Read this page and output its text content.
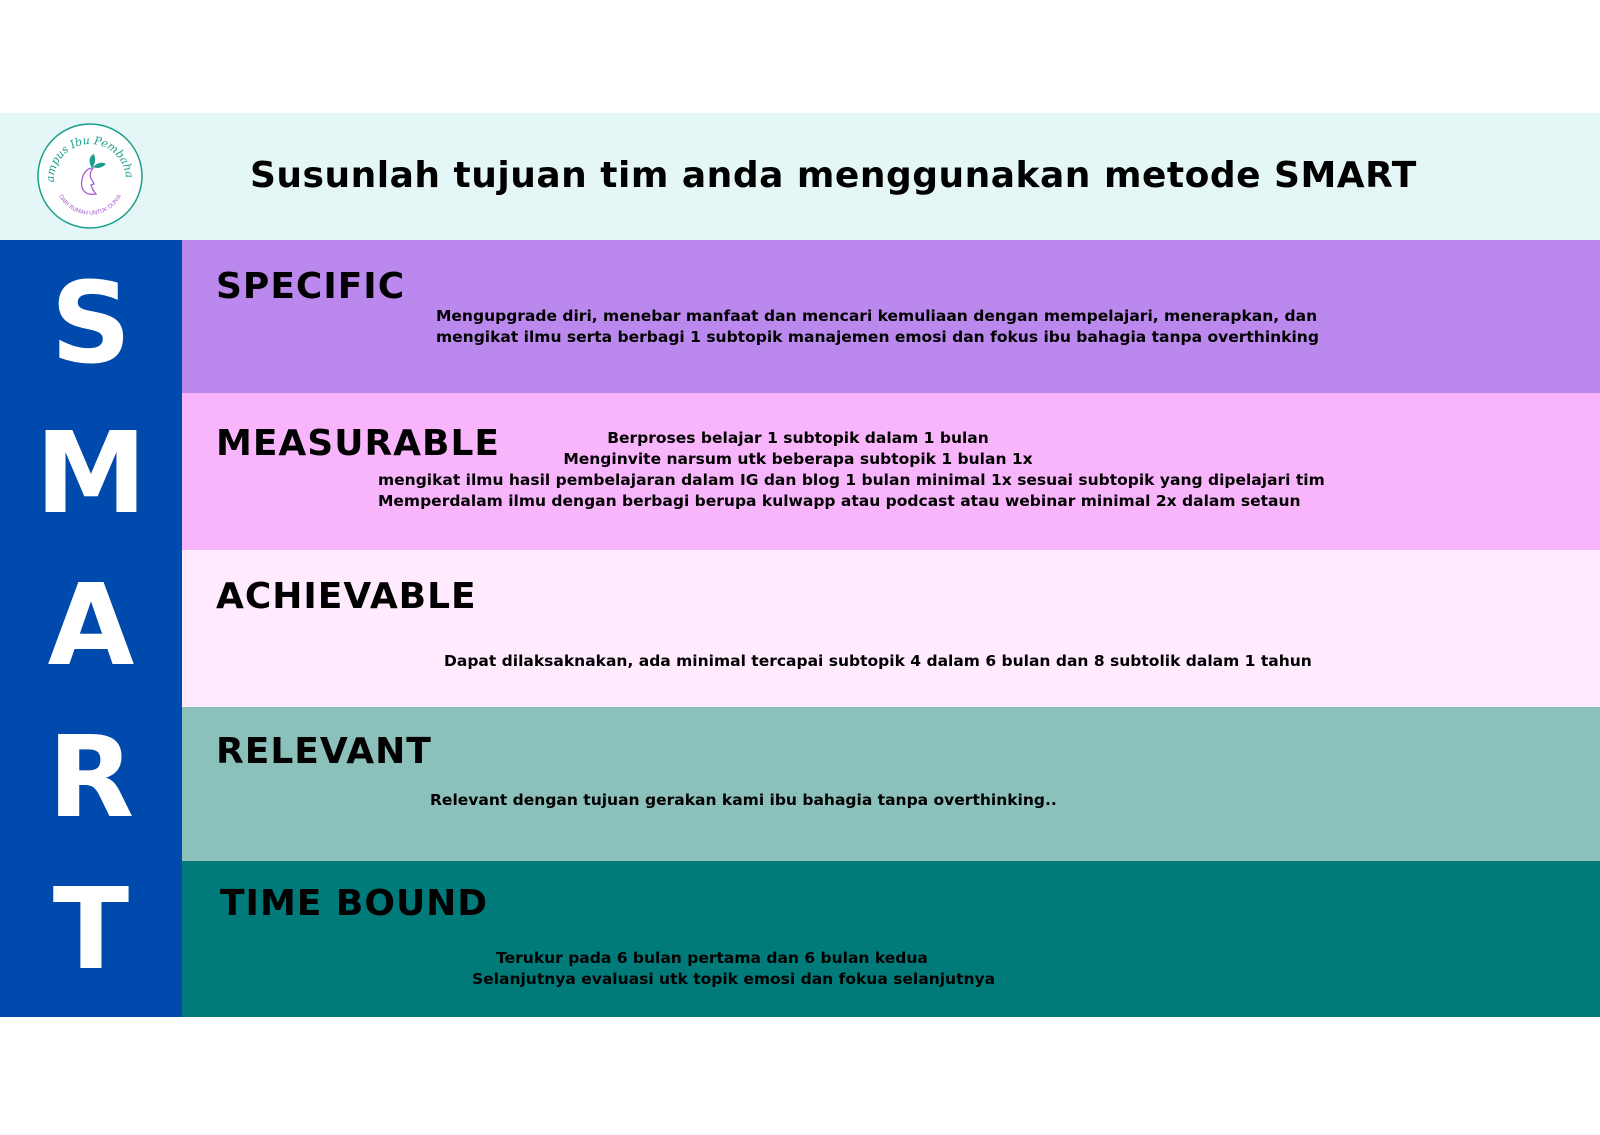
ampus Ibu Pembaha
DARI RUMAH UNTUK DUNIA
Susunlah tujuan tim anda menggunakan metode SMART
S
M
A
R
T
SPECIFIC
Mengupgrade diri, menebar manfaat dan mencari kemuliaan dengan mempelajari, menerapkan, dan
mengikat ilmu serta berbagi 1 subtopik manajemen emosi dan fokus ibu bahagia tanpa overthinking
MEASURABLE	Berproses belajar 1 subtopik dalam 1 bulan
Menginvite narsum utk beberapa subtopik 1 bulan 1x
mengikat ilmu hasil pembelajaran dalam IG dan blog 1 bulan minimal 1x sesuai subtopik yang dipelajari tim
Memperdalam ilmu dengan berbagi berupa kulwapp atau podcast atau webinar minimal 2x dalam setaun
ACHIEVABLE
Dapat dilaksaknakan, ada minimal tercapai subtopik 4 dalam 6 bulan dan 8 subtolik dalam 1 tahun
RELEVANT
Relevant dengan tujuan gerakan kami ibu bahagia tanpa overthinking..
TIME BOUND
Terukur pada 6 bulan pertama dan 6 bulan kedua
Selanjutnya evaluasi utk topik emosi dan fokua selanjutnya
